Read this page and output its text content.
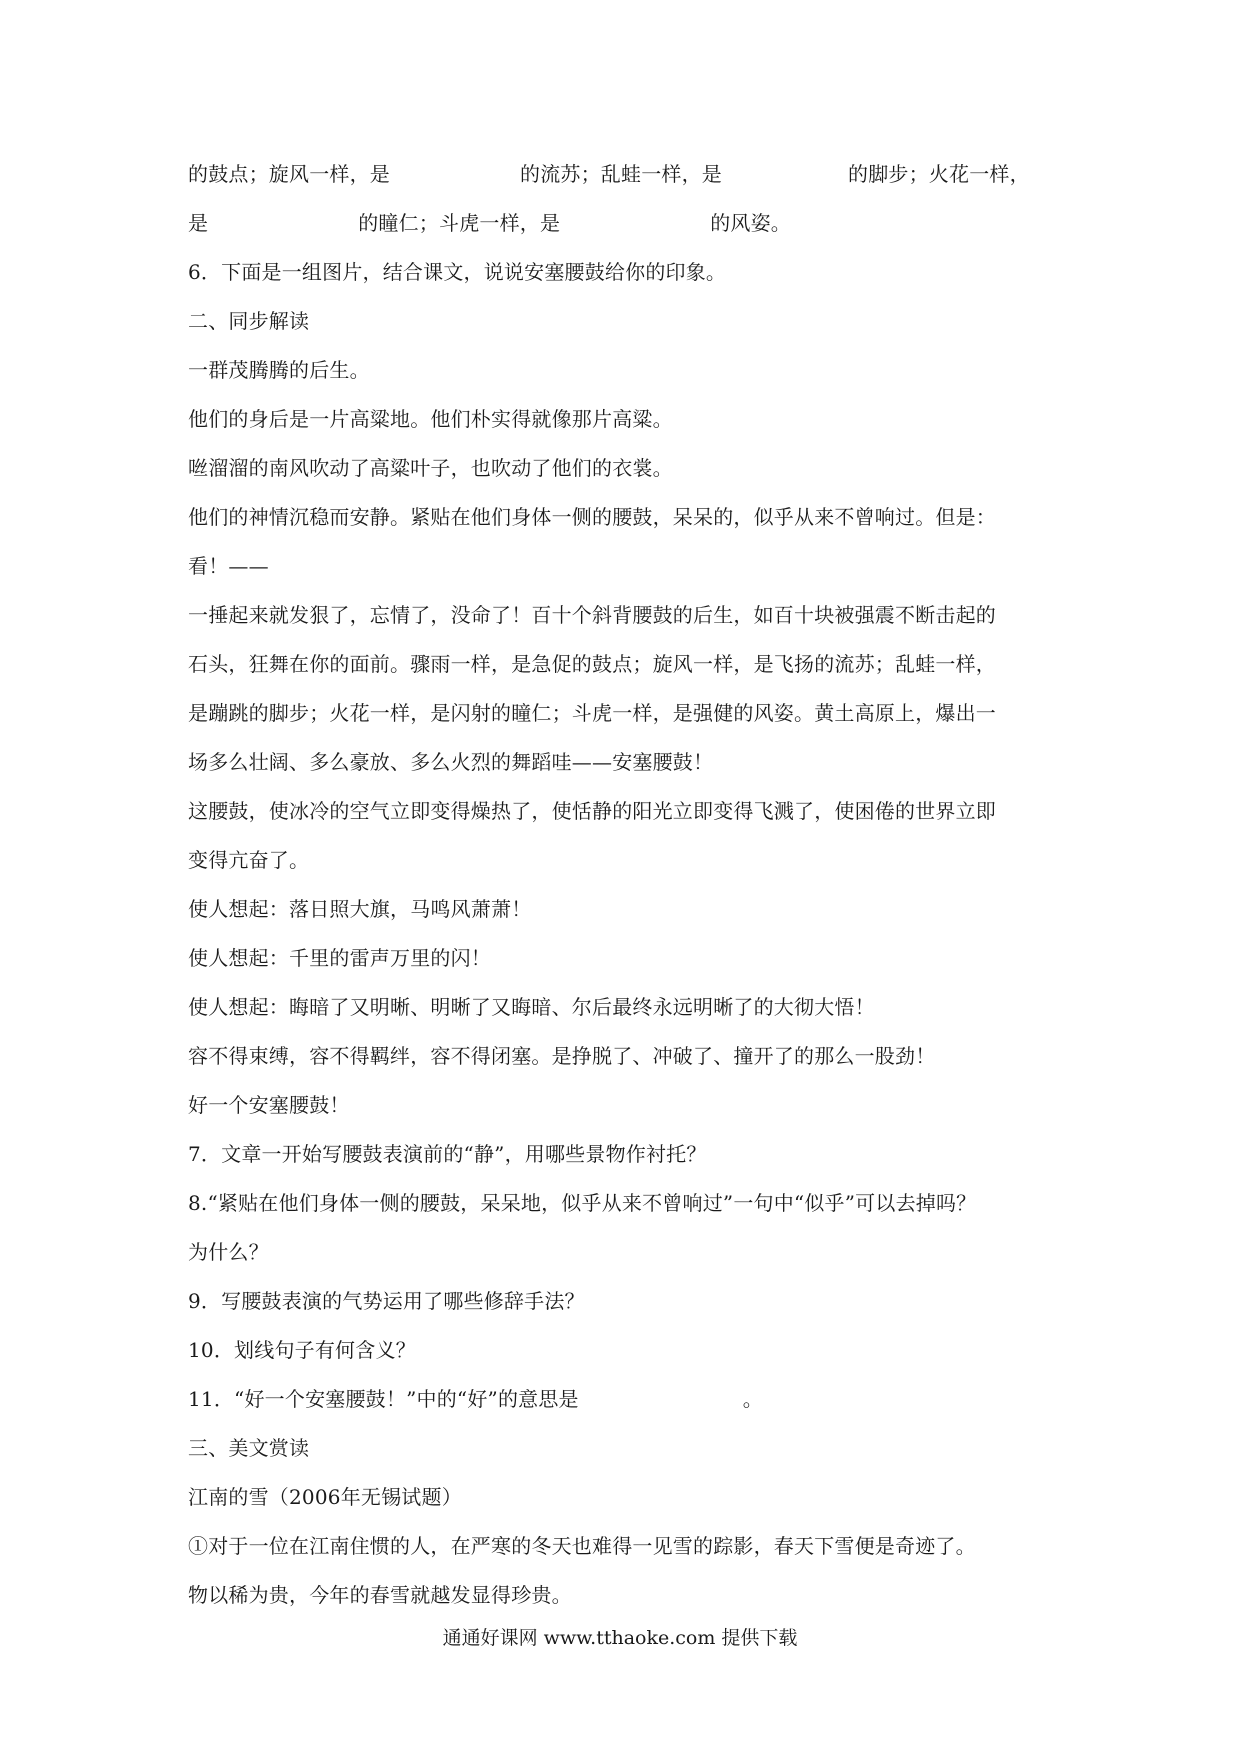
的鼓点；旋风一样，是	的流苏；乱蛙一样，是	的脚步；火花一样，
是	的瞳仁；斗虎一样，是	的风姿。
6．下面是一组图片，结合课文，说说安塞腰鼓给你的印象。
二、同步解读
一群茂腾腾的后生。
他们的身后是一片高粱地。他们朴实得就像那片高粱。
咝溜溜的南风吹动了高粱叶子，也吹动了他们的衣裳。
他们的神情沉稳而安静。紧贴在他们身体一侧的腰鼓，呆呆的，似乎从来不曾响过。但是：
看！——
一捶起来就发狠了，忘情了，没命了！百十个斜背腰鼓的后生，如百十块被强震不断击起的
石头，狂舞在你的面前。骤雨一样，是急促的鼓点；旋风一样，是飞扬的流苏；乱蛙一样，
是蹦跳的脚步；火花一样，是闪射的瞳仁；斗虎一样，是强健的风姿。黄土高原上，爆出一
场多么壮阔、多么豪放、多么火烈的舞蹈哇——安塞腰鼓！
这腰鼓，使冰冷的空气立即变得燥热了，使恬静的阳光立即变得飞溅了，使困倦的世界立即
变得亢奋了。
使人想起：落日照大旗，马鸣风萧萧！
使人想起：千里的雷声万里的闪！
使人想起：晦暗了又明晰、明晰了又晦暗、尔后最终永远明晰了的大彻大悟！
容不得束缚，容不得羁绊，容不得闭塞。是挣脱了、冲破了、撞开了的那么一股劲！
好一个安塞腰鼓！
7．文章一开始写腰鼓表演前的“静”，用哪些景物作衬托？
8.“紧贴在他们身体一侧的腰鼓，呆呆地，似乎从来不曾响过”一句中“似乎”可以去掉吗？
为什么？
9．写腰鼓表演的气势运用了哪些修辞手法？
10．划线句子有何含义？
11．“好一个安塞腰鼓！”中的“好”的意思是	。
三、美文赏读
江南的雪（2006年无锡试题）
①对于一位在江南住惯的人，在严寒的冬天也难得一见雪的踪影，春天下雪便是奇迹了。
物以稀为贵，今年的春雪就越发显得珍贵。
通通好课网 www.tthaoke.com 提供下载
